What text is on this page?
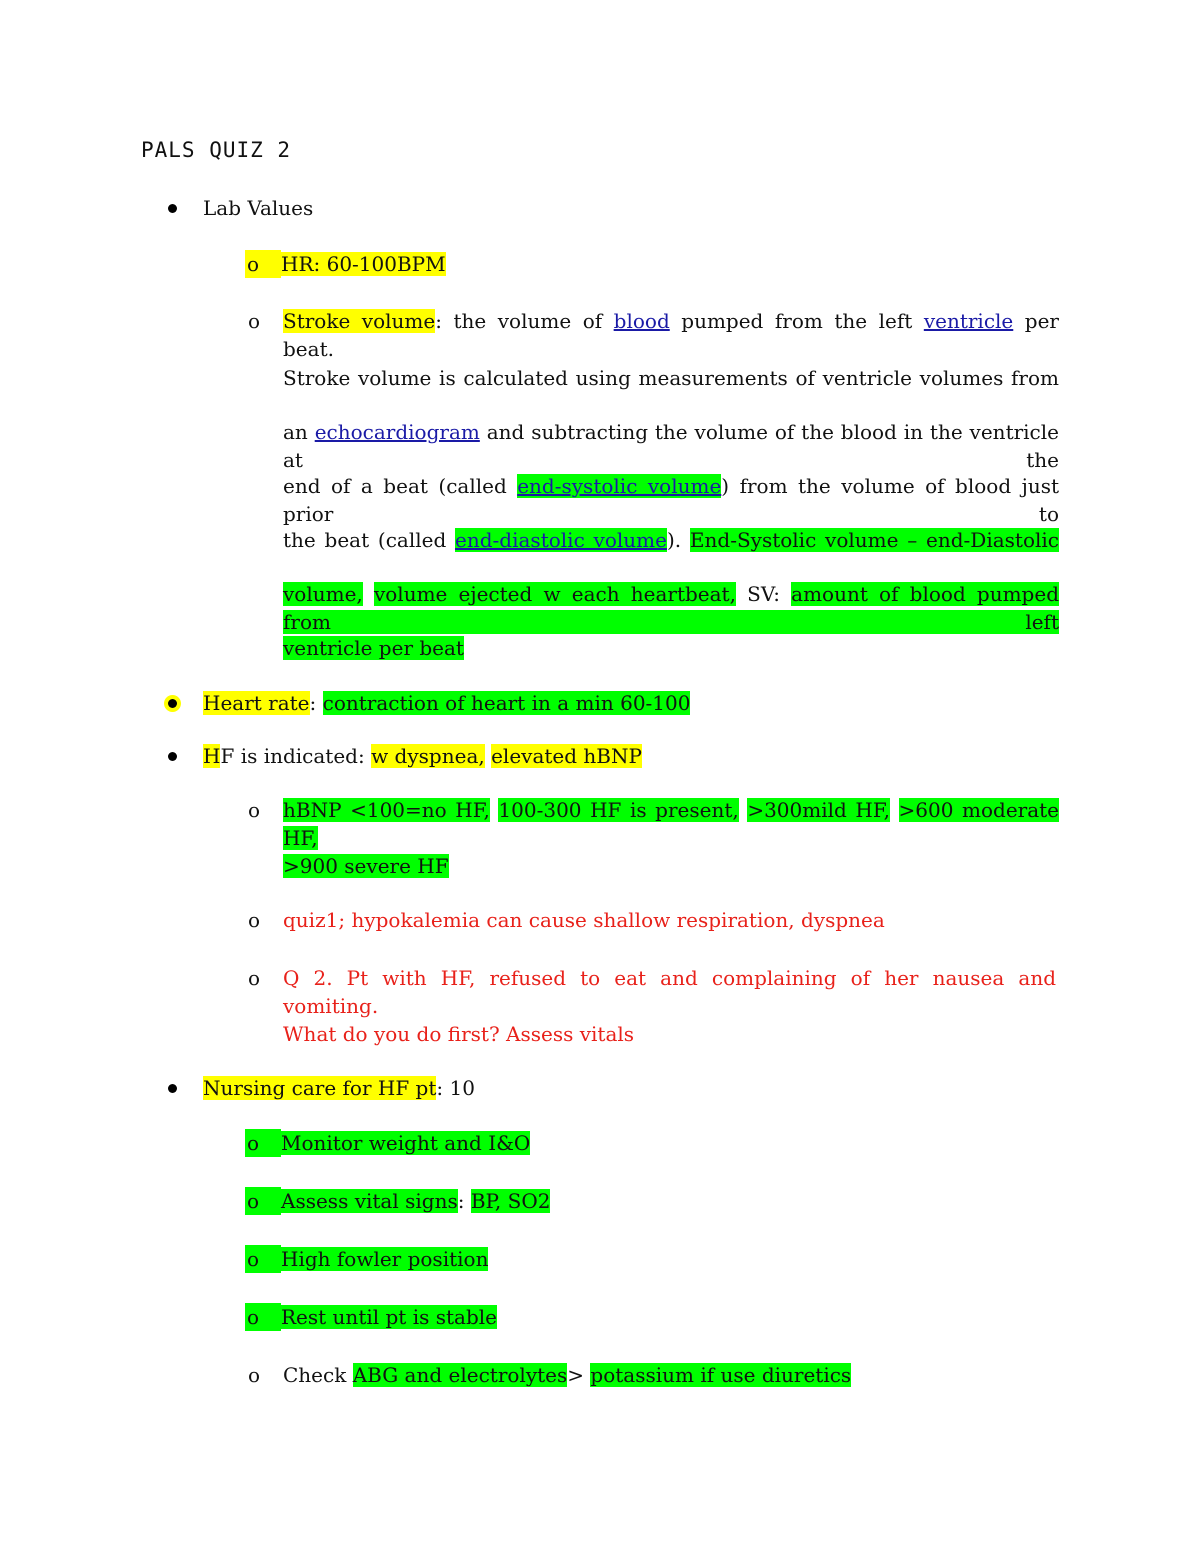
PALS QUIZ 2
Lab Values
o	HR: 60-100BPM
o Stroke volume: the volume of blood pumped from the left ventricle per beat.
Stroke volume is calculated using measurements of ventricle volumes from
an echocardiogram and subtracting the volume of the blood in the ventricle at the
end of a beat (called end-systolic volume) from the volume of blood just prior to
the beat (called end-diastolic volume). End-Systolic volume – end-Diastolic
volume, volume ejected w each heartbeat, SV: amount of blood pumped from left
ventricle per beat
Heart rate: contraction of heart in a min 60-100
HF is indicated: w dyspnea, elevated hBNP
o hBNP <100=no HF, 100-300 HF is present, >300mild HF, >600 moderate HF,
>900 severe HF
o quiz1; hypokalemia can cause shallow respiration, dyspnea
o Q 2. Pt with HF, refused to eat and complaining of her nausea and vomiting.
What do you do first? Assess vitals
Nursing care for HF pt: 10
o	Monitor weight and I&O
o	Assess vital signs: BP, SO2
o	High fowler position
o	Rest until pt is stable
o Check ABG and electrolytes> potassium if use diuretics
